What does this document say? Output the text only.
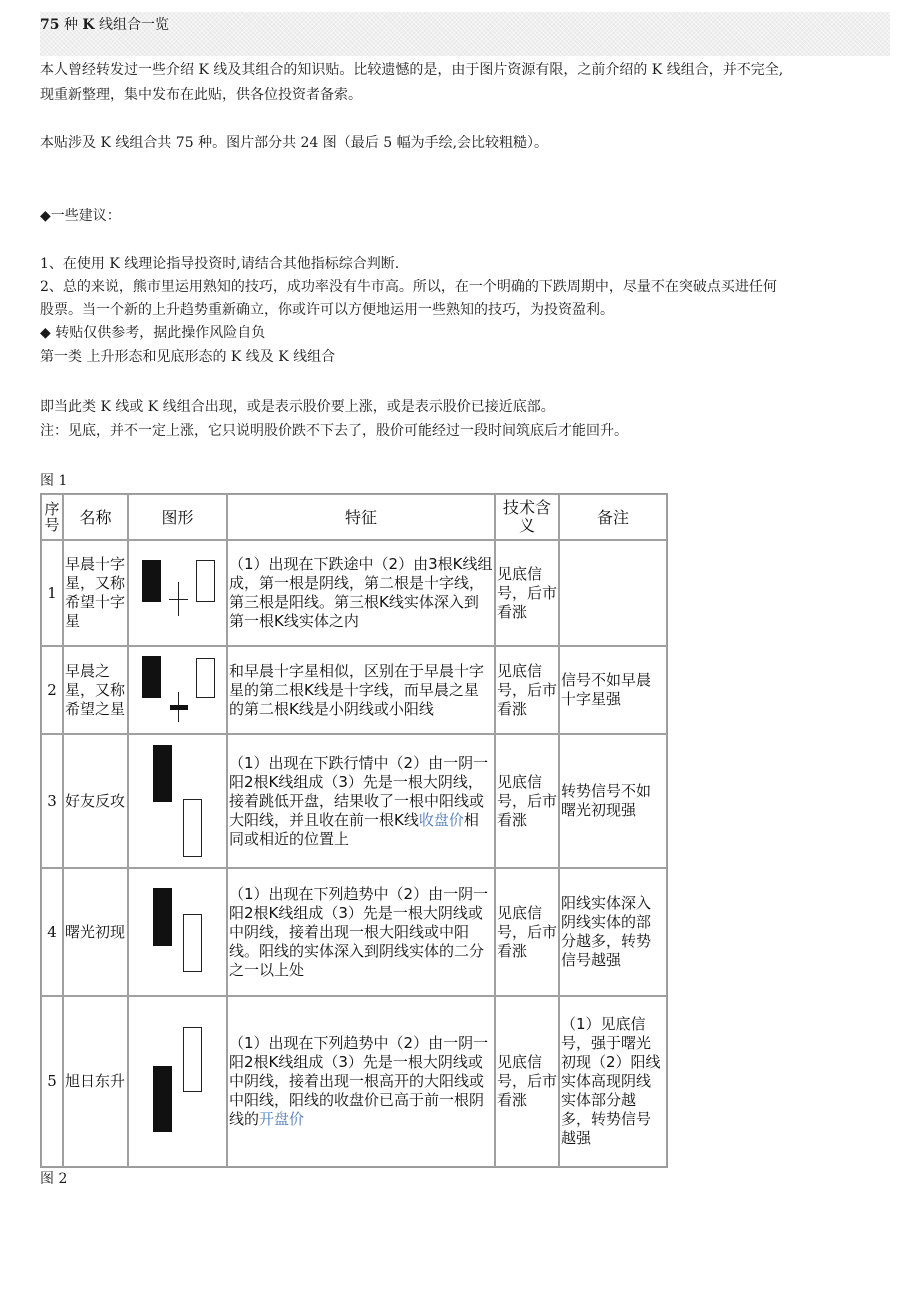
75 种 K 线组合一览

本人曾经转发过一些介绍 K 线及其组合的知识贴。比较遗憾的是，由于图片资源有限，之前介绍的 K 线组合，并不完全,

现重新整理，集中发布在此贴，供各位投资者备索。

本贴涉及 K 线组合共 75 种。图片部分共 24 图（最后 5 幅为手绘,会比较粗糙）。

◆一些建议：

1、在使用 K 线理论指导投资时,请结合其他指标综合判断.

2、总的来说，熊市里运用熟知的技巧，成功率没有牛市高。所以，在一个明确的下跌周期中，尽量不在突破点买进任何

股票。当一个新的上升趋势重新确立，你或许可以方便地运用一些熟知的技巧，为投资盈利。

◆ 转贴仅供参考，据此操作风险自负

第一类 上升形态和见底形态的 K 线及 K 线组合

即当此类 K 线或 K 线组合出现，或是表示股价要上涨，或是表示股价已接近底部。

注：见底，并不一定上涨，它只说明股价跌不下去了，股价可能经过一段时间筑底后才能回升。

图 1
序号	名称	图形	特征	技术含义	备注
1	早晨十字星，又称希望十字星		（1）出现在下跌途中（2）由3根K线组成，第一根是阴线，第二根是十字线，第三根是阳线。第三根K线实体深入到第一根K线实体之内	见底信号，后市看涨	
2	早晨之星，又称希望之星		和早晨十字星相似，区别在于早晨十字星的第二根K线是十字线，而早晨之星的第二根K线是小阴线或小阳线	见底信号，后市看涨	信号不如早晨十字星强
3	好友反攻		（1）出现在下跌行情中（2）由一阴一阳2根K线组成（3）先是一根大阴线，接着跳低开盘，结果收了一根中阳线或大阳线，并且收在前一根K线收盘价相同或相近的位置上	见底信号，后市看涨	转势信号不如曙光初现强
4	曙光初现		（1）出现在下列趋势中（2）由一阴一阳2根K线组成（3）先是一根大阴线或中阴线，接着出现一根大阳线或中阳线。阳线的实体深入到阴线实体的二分之一以上处	见底信号，后市看涨	阳线实体深入阴线实体的部分越多，转势信号越强
5	旭日东升		（1）出现在下列趋势中（2）由一阴一阳2根K线组成（3）先是一根大阴线或中阴线，接着出现一根高开的大阳线或中阳线，阳线的收盘价已高于前一根阴线的开盘价	见底信号，后市看涨	（1）见底信号，强于曙光 初现（2）阳线实体高现阴线实体部分越多，转势信号越强
图 2
